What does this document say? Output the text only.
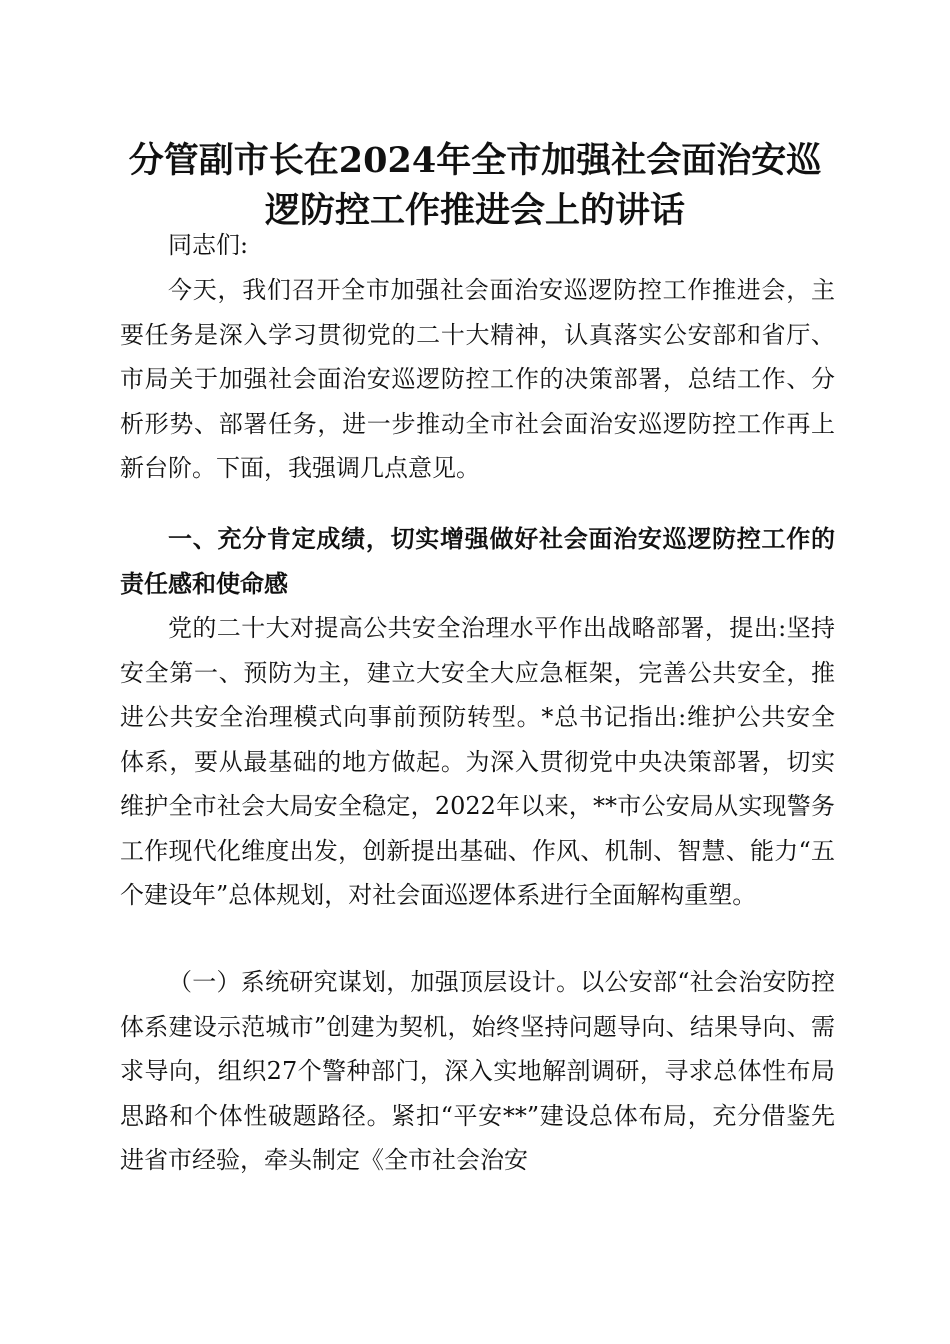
分管副市长在2024年全市加强社会面治安巡
逻防控工作推进会上的讲话

同志们:

今天，我们召开全市加强社会面治安巡逻防控工作推进会，主要任务是深入学习贯彻党的二十大精神，认真落实公安部和省厅、市局关于加强社会面治安巡逻防控工作的决策部署，总结工作、分析形势、部署任务，进一步推动全市社会面治安巡逻防控工作再上新台阶。下面，我强调几点意见。

一、充分肯定成绩，切实增强做好社会面治安巡逻防控工作的责任感和使命感

党的二十大对提高公共安全治理水平作出战略部署，提出:坚持安全第一、预防为主，建立大安全大应急框架，完善公共安全，推进公共安全治理模式向事前预防转型。*总书记指出:维护公共安全体系，要从最基础的地方做起。为深入贯彻党中央决策部署，切实维护全市社会大局安全稳定，2022年以来，**市公安局从实现警务工作现代化维度出发，创新提出基础、作风、机制、智慧、能力“五个建设年”总体规划，对社会面巡逻体系进行全面解构重塑。

（一）系统研究谋划，加强顶层设计。以公安部“社会治安防控体系建设示范城市”创建为契机，始终坚持问题导向、结果导向、需求导向，组织27个警种部门，深入实地解剖调研，寻求总体性布局思路和个体性破题路径。紧扣“平安**”建设总体布局，充分借鉴先进省市经验，牵头制定《全市社会治安
